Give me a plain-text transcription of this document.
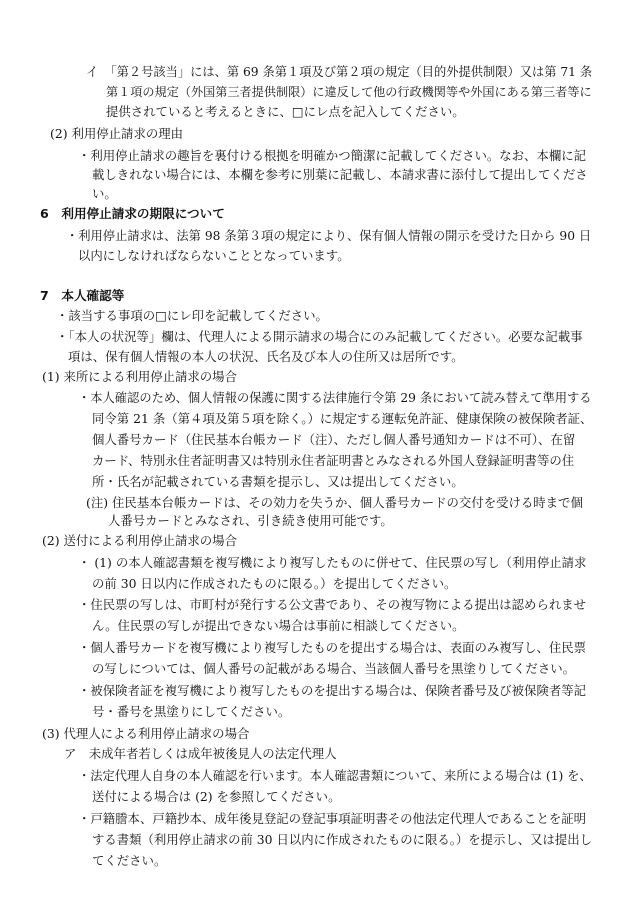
イ　「第２号該当」には、第 69 条第１項及び第２項の規定（目的外提供制限）又は第 71 条
第１項の規定（外国第三者提供制限）に違反して他の行政機関等や外国にある第三者等に
提供されていると考えるときに、□にレ点を記入してください。
(2) 利用停止請求の理由
・利用停止請求の趣旨を裏付ける根拠を明確かつ簡潔に記載してください。なお、本欄に記
載しきれない場合には、本欄を参考に別葉に記載し、本請求書に添付して提出してくださ
い。
6　利用停止請求の期限について
・利用停止請求は、法第 98 条第３項の規定により、保有個人情報の開示を受けた日から 90 日
以内にしなければならないこととなっています。
7　本人確認等
・該当する事項の□にレ印を記載してください。
・「本人の状況等」欄は、代理人による開示請求の場合にのみ記載してください。必要な記載事
項は、保有個人情報の本人の状況、氏名及び本人の住所又は居所です。
(1) 来所による利用停止請求の場合
・本人確認のため、個人情報の保護に関する法律施行令第 29 条において読み替えて準用する
同令第 21 条（第４項及第５項を除く。）に規定する運転免許証、健康保険の被保険者証、
個人番号カード（住民基本台帳カード（注）、ただし個人番号通知カードは不可）、在留
カード、特別永住者証明書又は特別永住者証明書とみなされる外国人登録証明書等の住
所・氏名が記載されている書類を提示し、又は提出してください。
(注) 住民基本台帳カードは、その効力を失うか、個人番号カードの交付を受ける時まで個
人番号カードとみなされ、引き続き使用可能です。
(2) 送付による利用停止請求の場合
・ (1) の本人確認書類を複写機により複写したものに併せて、住民票の写し（利用停止請求
の前 30 日以内に作成されたものに限る。）を提出してください。
・住民票の写しは、市町村が発行する公文書であり、その複写物による提出は認められませ
ん。住民票の写しが提出できない場合は事前に相談してください。
・個人番号カードを複写機により複写したものを提出する場合は、表面のみ複写し、住民票
の写しについては、個人番号の記載がある場合、当該個人番号を黒塗りしてください。
・被保険者証を複写機により複写したものを提出する場合は、保険者番号及び被保険者等記
号・番号を黒塗りにしてください。
(3) 代理人による利用停止請求の場合
ア　未成年者若しくは成年被後見人の法定代理人
・法定代理人自身の本人確認を行います。本人確認書類について、来所による場合は (1) を、
送付による場合は (2) を参照してください。
・戸籍謄本、戸籍抄本、成年後見登記の登記事項証明書その他法定代理人であることを証明
する書類（利用停止請求の前 30 日以内に作成されたものに限る。）を提示し、又は提出し
てください。
